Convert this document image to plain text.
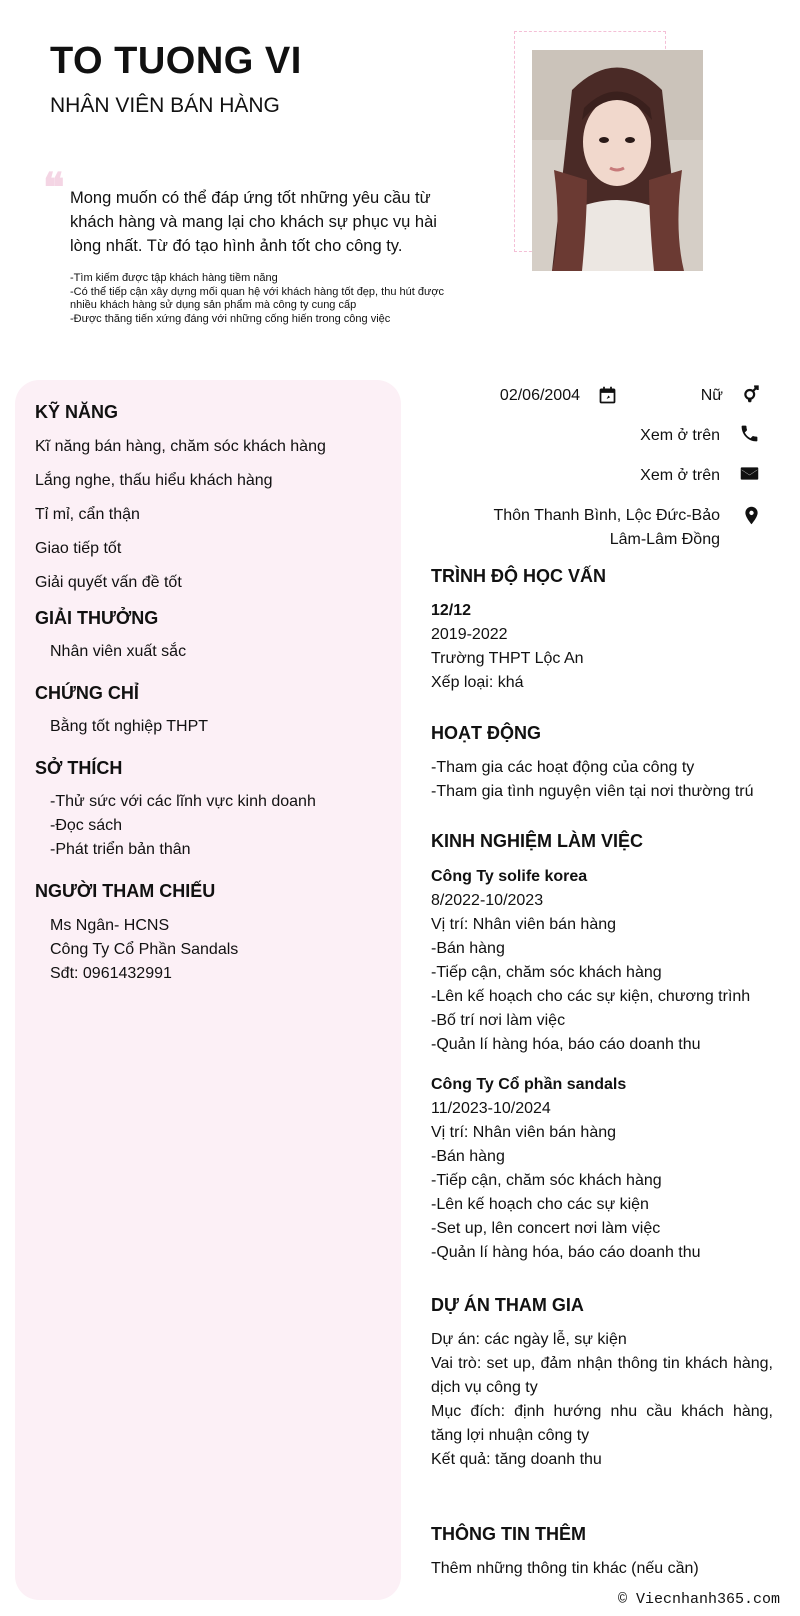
TO TUONG VI
NHÂN VIÊN BÁN HÀNG
❝ Mong muốn có thể đáp ứng tốt những yêu cầu từ khách hàng và mang lại cho khách sự phục vụ hài lòng nhất. Từ đó tạo hình ảnh tốt cho công ty.
-Tìm kiếm được tập khách hàng tiềm năng
-Có thể tiếp cận xây dựng mối quan hệ với khách hàng tốt đẹp, thu hút được nhiều khách hàng sử dụng sản phẩm mà công ty cung cấp
-Được thăng tiến xứng đáng với những cống hiến trong công việc
KỸ NĂNG
Kĩ năng bán hàng, chăm sóc khách hàng
Lắng nghe, thấu hiểu khách hàng
Tỉ mỉ, cẩn thận
Giao tiếp tốt
Giải quyết vấn đề tốt
GIẢI THƯỞNG
Nhân viên xuất sắc
CHỨNG CHỈ
Bằng tốt nghiệp THPT
SỞ THÍCH
-Thử sức với các lĩnh vực kinh doanh
-Đọc sách
-Phát triển bản thân
NGƯỜI THAM CHIẾU
Ms Ngân- HCNS
Công Ty Cổ Phần Sandals
Sđt: 0961432991
02/06/2004	Nữ
Xem ở trên
Xem ở trên
Thôn Thanh Bình, Lộc Đức-Bảo
Lâm-Lâm Đồng
TRÌNH ĐỘ HỌC VẤN
12/12
2019-2022
Trường THPT Lộc An
Xếp loại: khá
HOẠT ĐỘNG
-Tham gia các hoạt động của công ty
-Tham gia tình nguyện viên tại nơi thường trú
KINH NGHIỆM LÀM VIỆC
Công Ty solife korea
8/2022-10/2023
Vị trí: Nhân viên bán hàng
-Bán hàng
-Tiếp cận, chăm sóc khách hàng
-Lên kế hoạch cho các sự kiện, chương trình
-Bố trí nơi làm việc
-Quản lí hàng hóa, báo cáo doanh thu
Công Ty Cổ phần sandals
11/2023-10/2024
Vị trí: Nhân viên bán hàng
-Bán hàng
-Tiếp cận, chăm sóc khách hàng
-Lên kế hoạch cho các sự kiện
-Set up, lên concert nơi làm việc
-Quản lí hàng hóa, báo cáo doanh thu
DỰ ÁN THAM GIA
Dự án: các ngày lễ, sự kiện
Vai trò: set up, đảm nhận thông tin khách hàng, dịch vụ công ty
Mục đích: định hướng nhu cầu khách hàng, tăng lợi nhuận công ty
Kết quả: tăng doanh thu
THÔNG TIN THÊM
Thêm những thông tin khác (nếu cần)
© Viecnhanh365.com
